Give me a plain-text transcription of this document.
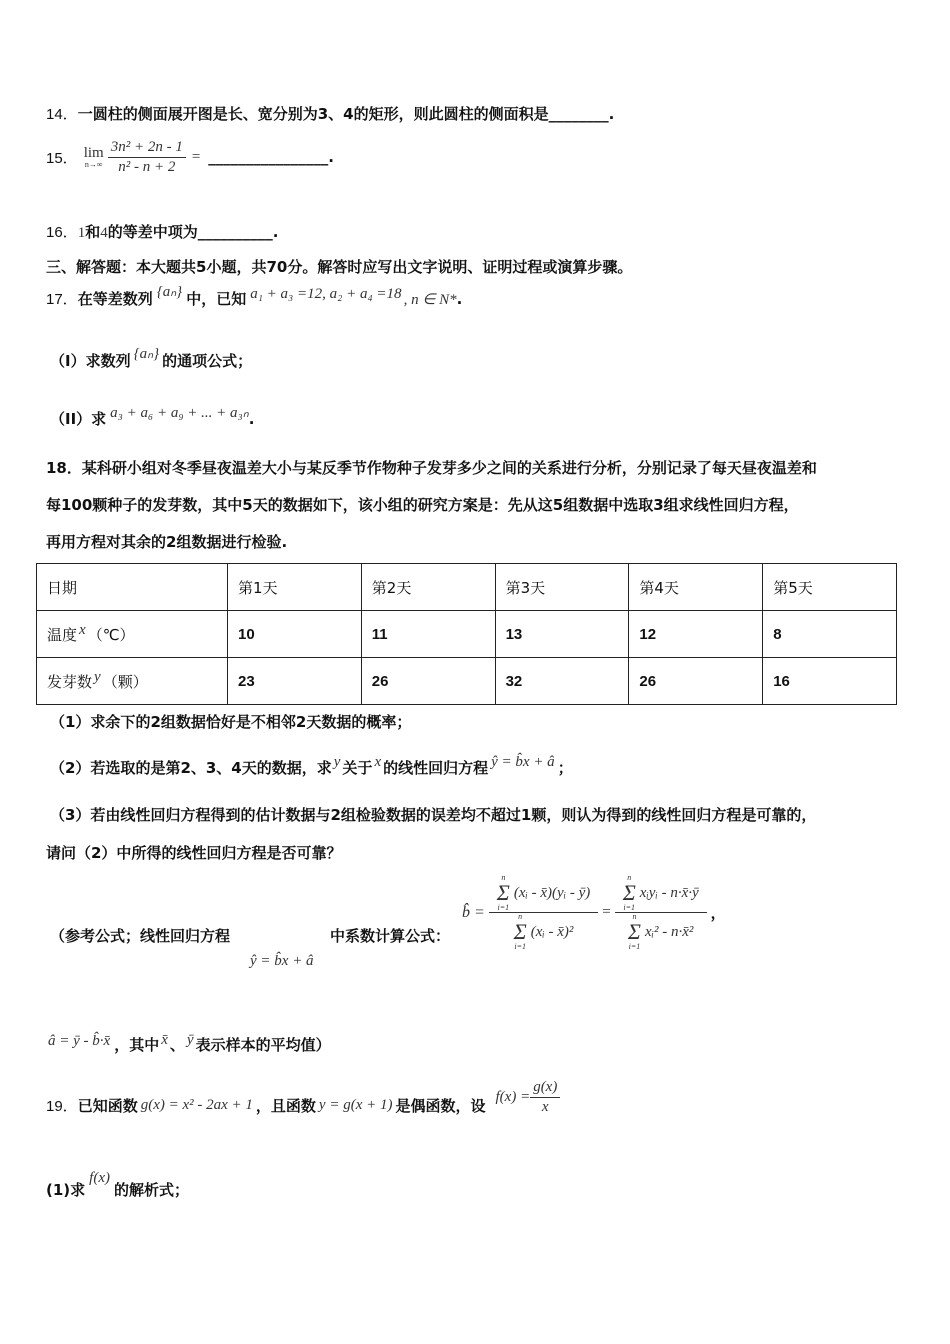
14．一圆柱的侧面展开图是长、宽分别为3、4的矩形，则此圆柱的侧面积是________.
15． lim
$n\to\infty \frac{\text{3n² + 2n - 1}}{\text{n² - n + 2}}$ = ________________ .
16．1和4的等差中项为__________.
三、解答题：本大题共5小题，共70分。解答时应写出文字说明、证明过程或演算步骤。
17．在等差数列 {aₙ} 中，已知 a₁ + a₃ =12, a₂ + a₄ =18 , n ∈ N*.
（I）求数列 {aₙ} 的通项公式；
（II）求 a₃ + a₆ + a₉ + ... + a₃ₙ.
18．某科研小组对冬季昼夜温差大小与某反季节作物种子发芽多少之间的关系进行分析，分别记录了每天昼夜温差和
每100颗种子的发芽数，其中5天的数据如下，该小组的研究方案是：先从这5组数据中选取3组求线性回归方程，
再用方程对其余的2组数据进行检验.
日期	第1天	第2天	第3天	第4天	第5天
温度 x （℃）	10	11	13	12	8
发芽数 y （颗）	23	26	32	26	16
（1）求余下的2组数据恰好是不相邻2天数据的概率；
（2）若选取的是第2、3、4天的数据，求 y 关于 x 的线性回归方程 ŷ = b̂x + â ；
（3）若由线性回归方程得到的估计数据与2组检验数据的误差均不超过1颗，则认为得到的线性回归方程是可靠的，
请问（2）中所得的线性回归方程是否可靠？
（参考公式；线性回归方程
ŷ = b̂x + â
中系数计算公式：
b̂ = n
Σ
i=1
(xᵢ - x̄)(yᵢ - ȳ)
n
Σ
i=1
(xᵢ - x̄)² = n
Σ
i=1
xᵢyᵢ - n·x̄·ȳ
n
Σ
i=1
xᵢ² - n·x̄² ，
â = ȳ - b̂·x̄ ，其中 x̄ 、 ȳ 表示样本的平均值）
19． 已知函数 g(x) = x² - 2ax + 1 ，且函数 y = g(x + 1) 是偶函数，设 $f(x) = \frac{g(x)}{x}$
(1)求f(x)的解析式；
